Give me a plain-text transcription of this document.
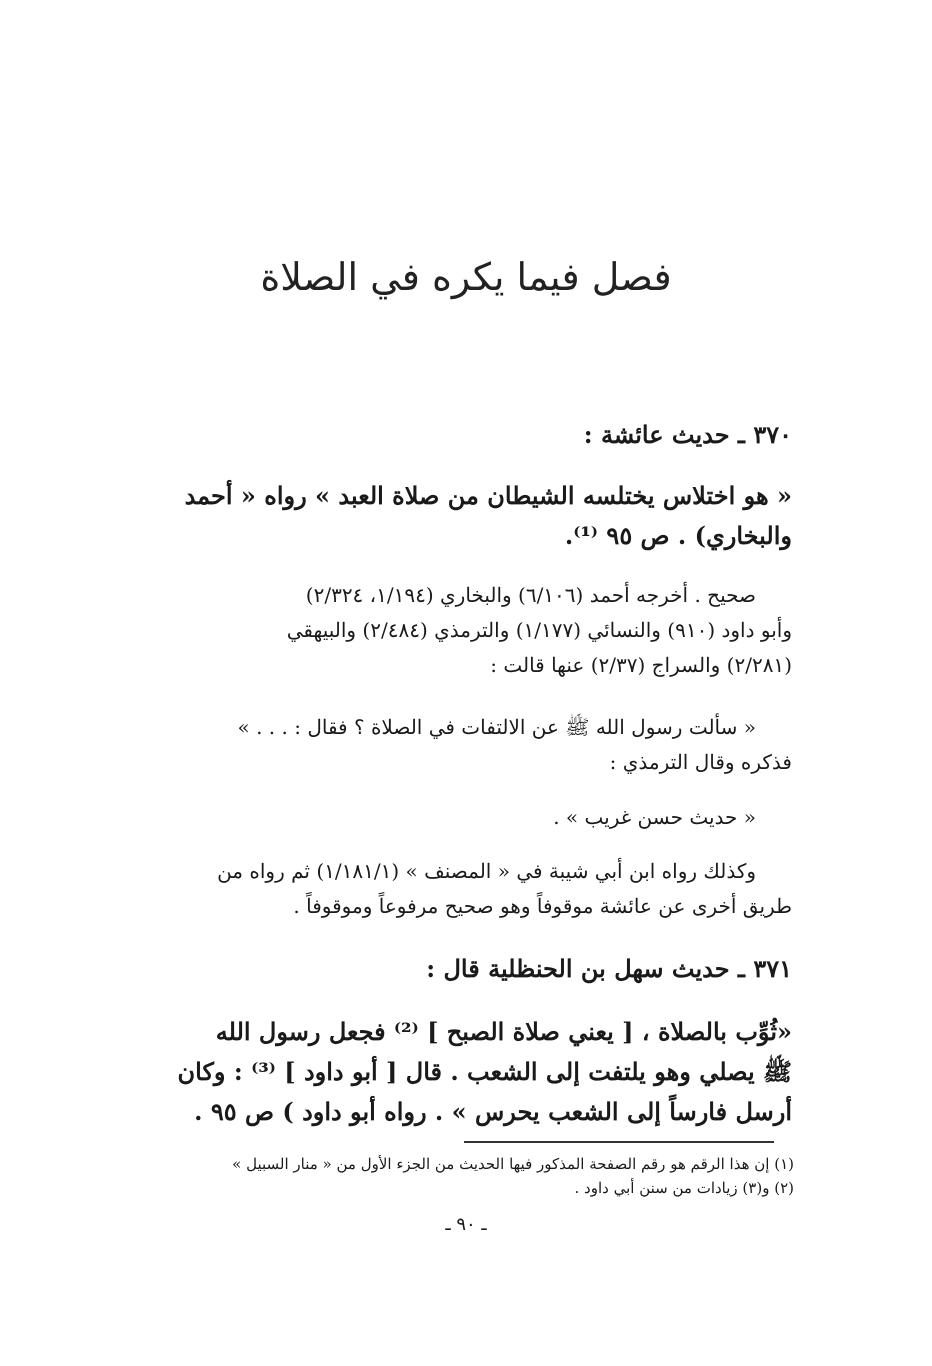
فصل فيما يكره في الصلاة
٣٧٠ ـ حديث عائشة :
« هو اختلاس يختلسه الشيطان من صلاة العبد » رواه « أحمد
والبخاري) . ص ٩٥ ⁽¹⁾.
صحيح . أخرجه أحمد (٦/١٠٦) والبخاري (١/١٩٤، ٢/٣٢٤)
وأبو داود (٩١٠) والنسائي (١/١٧٧) والترمذي (٢/٤٨٤) والبيهقي
(٢/٢٨١) والسراج (٢/٣٧) عنها قالت :
« سألت رسول الله ﷺ عن الالتفات في الصلاة ؟ فقال : . . . »
فذكره وقال الترمذي :
« حديث حسن غريب » .
وكذلك رواه ابن أبي شيبة في « المصنف » (١/١٨١/١) ثم رواه من
طريق أخرى عن عائشة موقوفاً وهو صحيح مرفوعاً وموقوفاً .
٣٧١ ـ حديث سهل بن الحنظلية قال :
«ثُوِّب بالصلاة ، [ يعني صلاة الصبح ] ⁽²⁾ فجعل رسول الله
ﷺ يصلي وهو يلتفت إلى الشعب . قال [ أبو داود ] ⁽³⁾ : وكان
أرسل فارساً إلى الشعب يحرس » . رواه أبو داود ) ص ٩٥ .
(١) إن هذا الرقم هو رقم الصفحة المذكور فيها الحديث من الجزء الأول من « منار السبيل »
(٢) و(٣) زيادات من سنن أبي داود .
ـ ٩٠ ـ
